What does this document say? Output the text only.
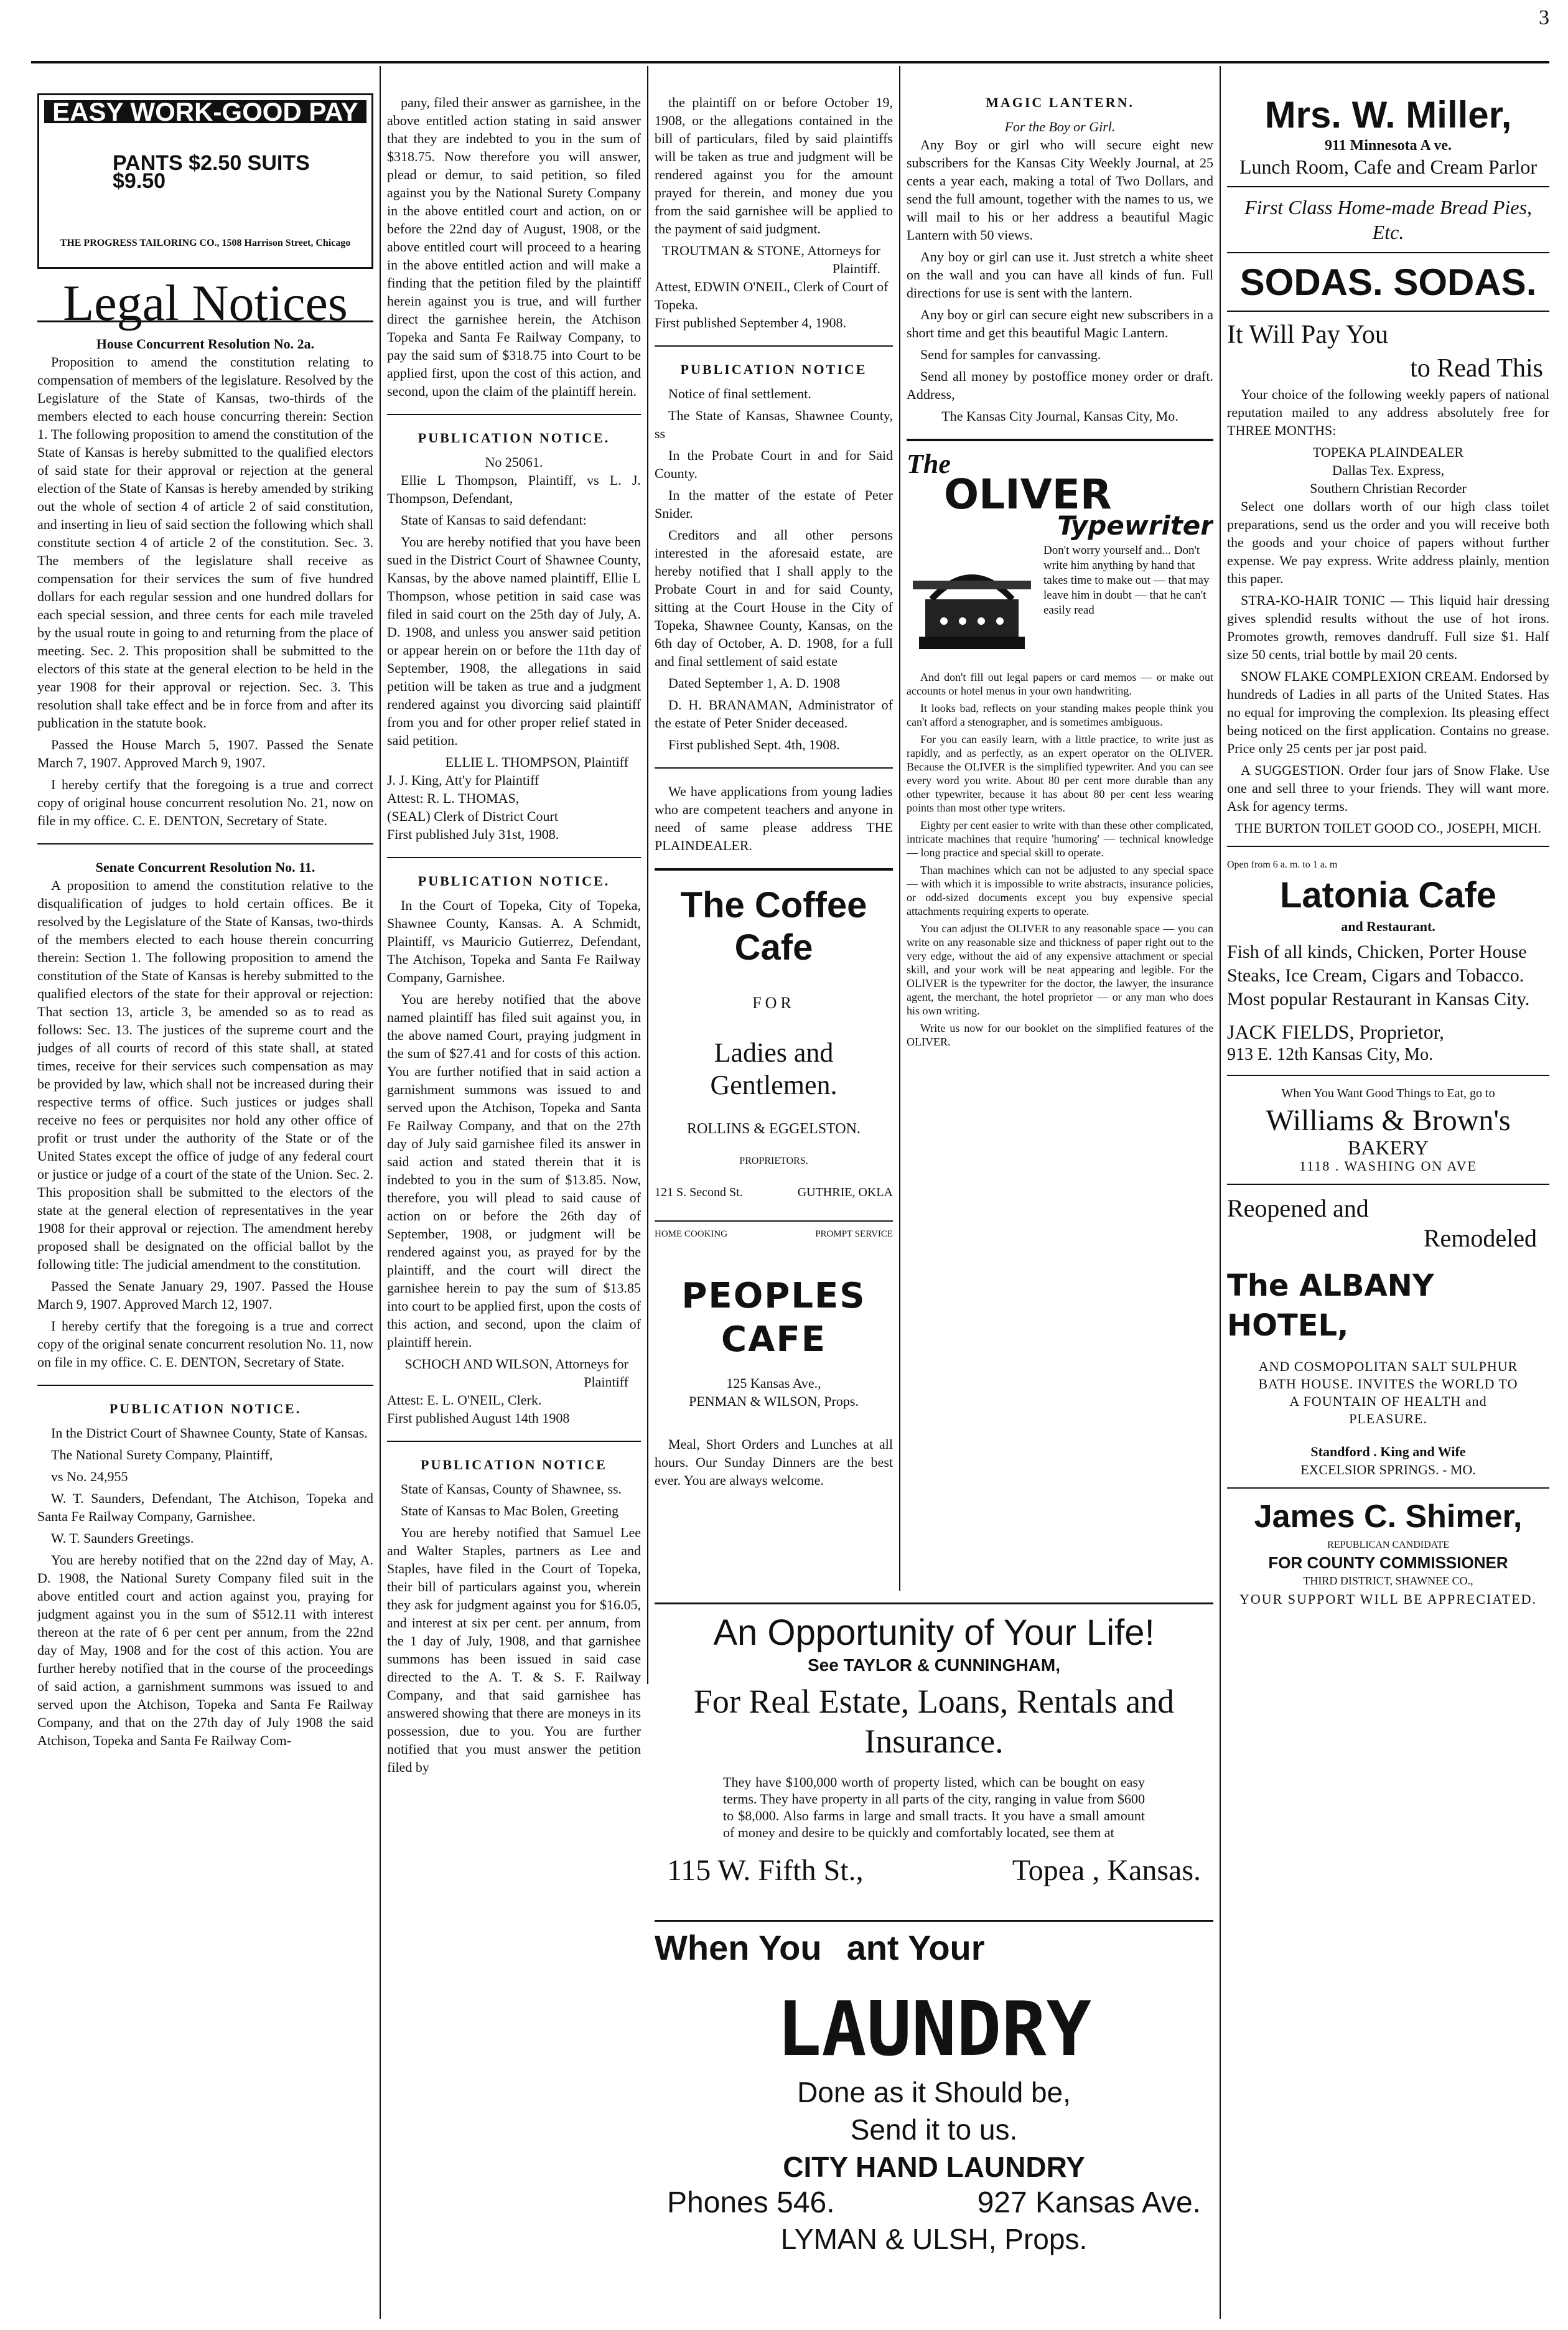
3
EASY WORK-GOOD PAY
PANTS $2.50 SUITS $9.50
THE PROGRESS TAILORING CO., 1508 Harrison Street, Chicago
Legal Notices
House Concurrent Resolution No. 2a.

Proposition to amend the constitution relating to compensation of members of the legislature. Resolved by the Legislature of the State of Kansas, two-thirds of the members elected to each house concurring therein: Section 1. The following proposition to amend the constitution of the State of Kansas is hereby submitted to the qualified electors of said state for their approval or rejection at the general election of the State of Kansas is hereby amended by striking out the whole of section 4 of article 2 of said constitution, and inserting in lieu of said section the following which shall constitute section 4 of article 2 of the constitution. Sec. 3. The members of the legislature shall receive as compensation for their services the sum of five hundred dollars for each regular session and one hundred dollars for each special session, and three cents for each mile traveled by the usual route in going to and returning from the place of meeting. Sec. 2. This proposition shall be submitted to the electors of this state at the general election to be held in the year 1908 for their approval or rejection. Sec. 3. This resolution shall take effect and be in force from and after its publication in the statute book.

Passed the House March 5, 1907. Passed the Senate March 7, 1907. Approved March 9, 1907.

I hereby certify that the foregoing is a true and correct copy of original house concurrent resolution No. 21, now on file in my office. C. E. DENTON, Secretary of State.

Senate Concurrent Resolution No. 11.

A proposition to amend the constitution relative to the disqualification of judges to hold certain offices. Be it resolved by the Legislature of the State of Kansas, two-thirds of the members elected to each house therein concurring therein: Section 1. The following proposition to amend the constitution of the State of Kansas is hereby submitted to the qualified electors of the state for their approval or rejection: That section 13, article 3, be amended so as to read as follows: Sec. 13. The justices of the supreme court and the judges of all courts of record of this state shall, at stated times, receive for their services such compensation as may be provided by law, which shall not be increased during their respective terms of office. Such justices or judges shall receive no fees or perquisites nor hold any other office of profit or trust under the authority of the State or of the United States except the office of judge of any federal court or justice or judge of a court of the state of the Union. Sec. 2. This proposition shall be submitted to the electors of the state at the general election of representatives in the year 1908 for their approval or rejection. The amendment hereby proposed shall be designated on the official ballot by the following title: The judicial amendment to the constitution.

Passed the Senate January 29, 1907. Passed the House March 9, 1907. Approved March 12, 1907.

I hereby certify that the foregoing is a true and correct copy of the original senate concurrent resolution No. 11, now on file in my office. C. E. DENTON, Secretary of State.

PUBLICATION NOTICE.

In the District Court of Shawnee County, State of Kansas.

The National Surety Company, Plaintiff,

vs No. 24,955

W. T. Saunders, Defendant, The Atchison, Topeka and Santa Fe Railway Company, Garnishee.

W. T. Saunders Greetings.

You are hereby notified that on the 22nd day of May, A. D. 1908, the National Surety Company filed suit in the above entitled court and action against you, praying for judgment against you in the sum of $512.11 with interest thereon at the rate of 6 per cent per annum, from the 22nd day of May, 1908 and for the cost of this action. You are further hereby notified that in the course of the proceedings of said action, a garnishment summons was issued to and served upon the Atchison, Topeka and Santa Fe Railway Company, and that on the 27th day of July 1908 the said Atchison, Topeka and Santa Fe Railway Com-

pany, filed their answer as garnishee, in the above entitled action stating in said answer that they are indebted to you in the sum of $318.75. Now therefore you will answer, plead or demur, to said petition, so filed against you by the National Surety Company in the above entitled court and action, on or before the 22nd day of August, 1908, or the above entitled court will proceed to a hearing in the above entitled action and will make a finding that the petition filed by the plaintiff herein against you is true, and will further direct the garnishee herein, the Atchison Topeka and Santa Fe Railway Company, to pay the said sum of $318.75 into Court to be applied first, upon the cost of this action, and second, upon the claim of the plaintiff herein.

PUBLICATION NOTICE.
No 25061.

Ellie L Thompson, Plaintiff, vs L. J. Thompson, Defendant,

State of Kansas to said defendant:

You are hereby notified that you have been sued in the District Court of Shawnee County, Kansas, by the above named plaintiff, Ellie L Thompson, whose petition in said case was filed in said court on the 25th day of July, A. D. 1908, and unless you answer said petition or appear herein on or before the 11th day of September, 1908, the allegations in said petition will be taken as true and a judgment rendered against you divorcing said plaintiff from you and for other proper relief stated in said petition.

ELLIE L. THOMPSON, Plaintiff
J. J. King, Att'y for Plaintiff
Attest: R. L. THOMAS,
(SEAL) Clerk of District Court
First published July 31st, 1908.
PUBLICATION NOTICE.

In the Court of Topeka, City of Topeka, Shawnee County, Kansas. A. A Schmidt, Plaintiff, vs Mauricio Gutierrez, Defendant, The Atchison, Topeka and Santa Fe Railway Company, Garnishee.

You are hereby notified that the above named plaintiff has filed suit against you, in the above named Court, praying judgment in the sum of $27.41 and for costs of this action. You are further notified that in said action a garnishment summons was issued to and served upon the Atchison, Topeka and Santa Fe Railway Company, and that on the 27th day of July said garnishee filed its answer in said action and stated therein that it is indebted to you in the sum of $13.85. Now, therefore, you will plead to said cause of action on or before the 26th day of September, 1908, or judgment will be rendered against you, as prayed for by the plaintiff, and the court will direct the garnishee herein to pay the sum of $13.85 into court to be applied first, upon the costs of this action, and second, upon the claim of plaintiff herein.

SCHOCH AND WILSON, Attorneys for Plaintiff
Attest: E. L. O'NEIL, Clerk.
First published August 14th 1908
PUBLICATION NOTICE

State of Kansas, County of Shawnee, ss.

State of Kansas to Mac Bolen, Greeting

You are hereby notified that Samuel Lee and Walter Staples, partners as Lee and Staples, have filed in the Court of Topeka, their bill of particulars against you, wherein they ask for judgment against you for $16.05, and interest at six per cent. per annum, from the 1 day of July, 1908, and that garnishee summons has been issued in said case directed to the A. T. & S. F. Railway Company, and that said garnishee has answered showing that there are moneys in its possession, due to you. You are further notified that you must answer the petition filed by

the plaintiff on or before October 19, 1908, or the allegations contained in the bill of particulars, filed by said plaintiffs will be taken as true and judgment will be rendered against you for the amount prayed for therein, and money due you from the said garnishee will be applied to the payment of said judgment.

TROUTMAN & STONE, Attorneys for Plaintiff.
Attest, EDWIN O'NEIL, Clerk of Court of Topeka.
First published September 4, 1908.
PUBLICATION NOTICE

Notice of final settlement.

The State of Kansas, Shawnee County, ss

In the Probate Court in and for Said County.

In the matter of the estate of Peter Snider.

Creditors and all other persons interested in the aforesaid estate, are hereby notified that I shall apply to the Probate Court in and for said County, sitting at the Court House in the City of Topeka, Shawnee County, Kansas, on the 6th day of October, A. D. 1908, for a full and final settlement of said estate

Dated September 1, A. D. 1908

D. H. BRANAMAN, Administrator of the estate of Peter Snider deceased.

First published Sept. 4th, 1908.

We have applications from young ladies who are competent teachers and anyone in need of same please address THE PLAINDEALER.

The Coffee Cafe
FOR
Ladies and Gentlemen.
ROLLINS & EGGELSTON.
PROPRIETORS.
121 S. Second St.	GUTHRIE, OKLA
HOME COOKING	PROMPT SERVICE
PEOPLES CAFE
125 Kansas Ave.,
PENMAN & WILSON, Props.

Meal, Short Orders and Lunches at all hours. Our Sunday Dinners are the best ever. You are always welcome.

MAGIC LANTERN.
For the Boy or Girl.

Any Boy or girl who will secure eight new subscribers for the Kansas City Weekly Journal, at 25 cents a year each, making a total of Two Dollars, and send the full amount, together with the names to us, we will mail to his or her address a beautiful Magic Lantern with 50 views.

Any boy or girl can use it. Just stretch a white sheet on the wall and you can have all kinds of fun. Full directions for use is sent with the lantern.

Any boy or girl can secure eight new subscribers in a short time and get this beautiful Magic Lantern.

Send for samples for canvassing.

Send all money by postoffice money order or draft. Address,

The Kansas City Journal, Kansas City, Mo.
The
OLIVER
Typewriter
Don't worry yourself and... Don't write him anything by hand that takes time to make out — that may leave him in doubt — that he can't easily read

And don't fill out legal papers or card memos — or make out accounts or hotel menus in your own handwriting.

It looks bad, reflects on your standing makes people think you can't afford a stenographer, and is sometimes ambiguous.

For you can easily learn, with a little practice, to write just as rapidly, and as perfectly, as an expert operator on the OLIVER. Because the OLIVER is the simplified typewriter. And you can see every word you write. About 80 per cent more durable than any other typewriter, because it has about 80 per cent less wearing points than most other type writers.

Eighty per cent easier to write with than these other complicated, intricate machines that require 'humoring' — technical knowledge — long practice and special skill to operate.

Than machines which can not be adjusted to any special space — with which it is impossible to write abstracts, insurance policies, or odd-sized documents except you buy expensive special attachments requiring experts to operate.

You can adjust the OLIVER to any reasonable space — you can write on any reasonable size and thickness of paper right out to the very edge, without the aid of any expensive attachment or special skill, and your work will be neat appearing and legible. For the OLIVER is the typewriter for the doctor, the lawyer, the insurance agent, the merchant, the hotel proprietor — or any man who does his own writing.

Write us now for our booklet on the simplified features of the OLIVER.

An Opportunity of Your Life!
See TAYLOR & CUNNINGHAM,
For Real Estate, Loans, Rentals and Insurance.
They have $100,000 worth of property listed, which can be bought on easy terms. They have property in all parts of the city, ranging in value from $600 to $8,000. Also farms in large and small tracts. It you have a small amount of money and desire to be quickly and comfortably located, see them at
115 W. Fifth St.,	Topea , Kansas.
When You ant Your
LAUNDRY
Done as it Should be,
Send it to us.
CITY HAND LAUNDRY
Phones 546.	927 Kansas Ave.
LYMAN & ULSH, Props.
Mrs. W. Miller,
911 Minnesota A ve.
Lunch Room, Cafe and Cream Parlor
First Class Home-made Bread Pies, Etc.
SODAS. SODAS.
It Will Pay You
to Read This

Your choice of the following weekly papers of national reputation mailed to any address absolutely free for THREE MONTHS:

TOPEKA PLAINDEALER
Dallas Tex. Express,
Southern Christian Recorder

Select one dollars worth of our high class toilet preparations, send us the order and you will receive both the goods and your choice of papers without further expense. We pay express. Write address plainly, mention this paper.

STRA-KO-HAIR TONIC — This liquid hair dressing gives splendid results without the use of hot irons. Promotes growth, removes dandruff. Full size $1. Half size 50 cents, trial bottle by mail 20 cents.

SNOW FLAKE COMPLEXION CREAM. Endorsed by hundreds of Ladies in all parts of the United States. Has no equal for improving the complexion. Its pleasing effect being noticed on the first application. Contains no grease. Price only 25 cents per jar post paid.

A SUGGESTION. Order four jars of Snow Flake. Use one and sell three to your friends. They will want more. Ask for agency terms.

THE BURTON TOILET GOOD CO., JOSEPH, MICH.
Open from 6 a. m. to 1 a. m
Latonia Cafe
and Restaurant.
Fish of all kinds, Chicken, Porter House Steaks, Ice Cream, Cigars and Tobacco. Most popular Restaurant in Kansas City.
JACK FIELDS, Proprietor,
913 E. 12th Kansas City, Mo.
When You Want Good Things to Eat, go to
Williams & Brown's
BAKERY
1118 . WASHING ON AVE
Reopened and
Remodeled
The ALBANY HOTEL,
AND COSMOPOLITAN SALT SULPHUR BATH HOUSE. INVITES the WORLD TO A FOUNTAIN OF HEALTH and PLEASURE.
Standford . King and Wife
EXCELSIOR SPRINGS. - MO.
James C. Shimer,
REPUBLICAN CANDIDATE
FOR COUNTY COMMISSIONER
THIRD DISTRICT, SHAWNEE CO.,
YOUR SUPPORT WILL BE APPRECIATED.
